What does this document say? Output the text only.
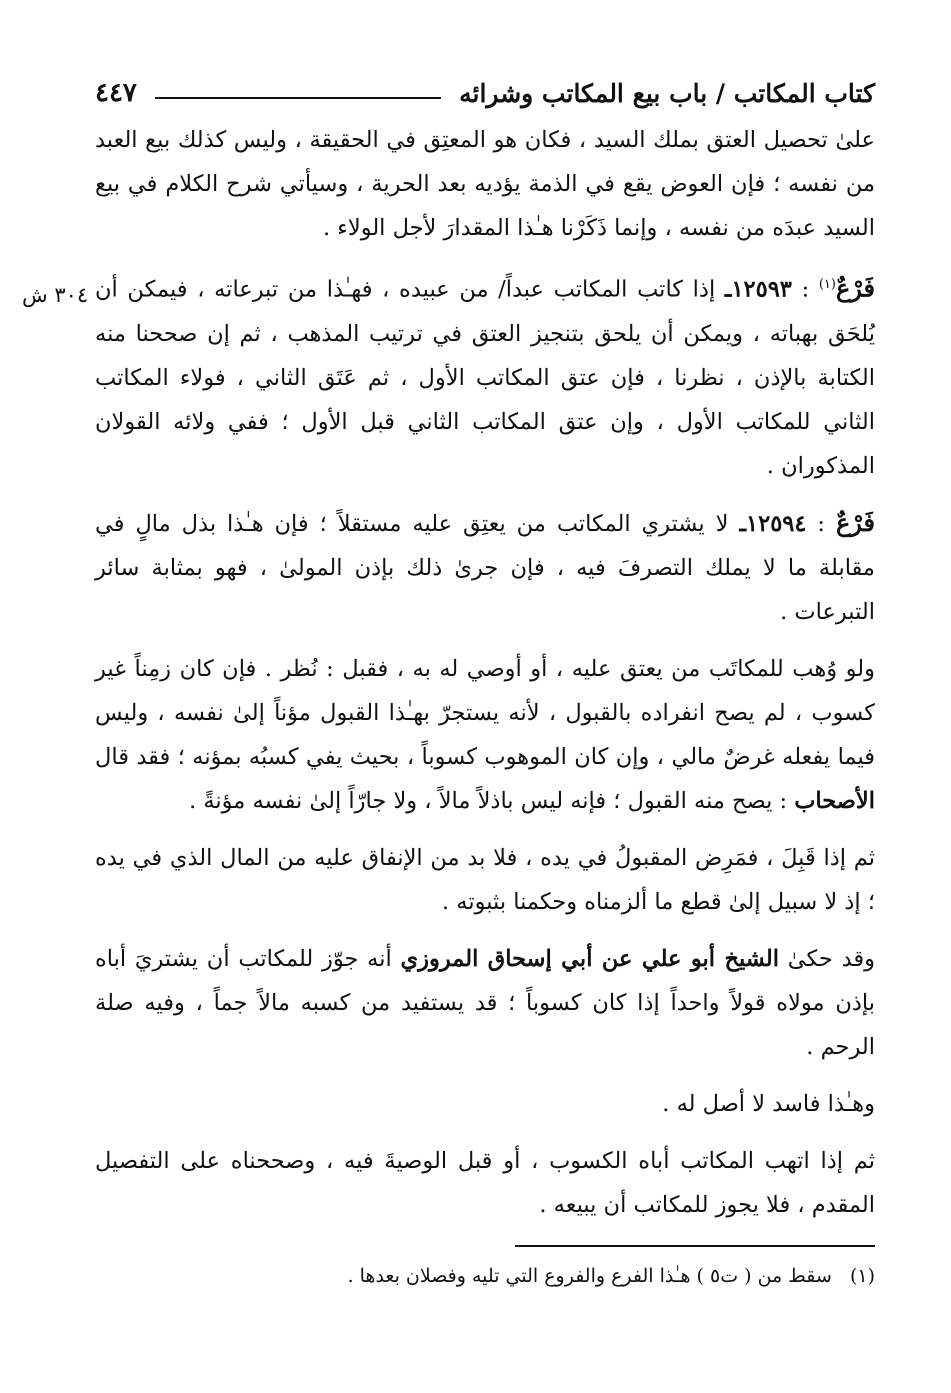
٣٠٤ ش
كتاب المكاتب / باب بيع المكاتب وشرائه
٤٤٧

علىٰ تحصيل العتق بملك السيد ، فكان هو المعتِق في الحقيقة ، وليس كذلك بيع العبد من نفسه ؛ فإن العوض يقع في الذمة يؤديه بعد الحرية ، وسيأتي شرح الكلام في بيع السيد عبدَه من نفسه ، وإنما ذَكَرْنا هـٰذا المقدارَ لأجل الولاء .

فَرْعٌ$^{(١)}$ : ١٢٥٩٣ـ إذا كاتب المكاتب عبداً/ من عبيده ، فهـٰذا من تبرعاته ، فيمكن أن يُلحَق بهباته ، ويمكن أن يلحق بتنجيز العتق في ترتيب المذهب ، ثم إن صححنا منه الكتابة بالإذن ، نظرنا ، فإن عتق المكاتب الأول ، ثم عَتَق الثاني ، فولاء المكاتب الثاني للمكاتب الأول ، وإن عتق المكاتب الثاني قبل الأول ؛ ففي ولائه القولان المذكوران .

فَرْعٌ : ١٢٥٩٤ـ لا يشتري المكاتب من يعتِق عليه مستقلاً ؛ فإن هـٰذا بذل مالٍ في مقابلة ما لا يملك التصرفَ فيه ، فإن جرىٰ ذلك بإذن المولىٰ ، فهو بمثابة سائر التبرعات .

ولو وُهب للمكاتَب من يعتق عليه ، أو أوصي له به ، فقبل : نُظر . فإن كان زمِناً غير كسوب ، لم يصح انفراده بالقبول ، لأنه يستجرّ بهـٰذا القبول مؤناً إلىٰ نفسه ، وليس فيما يفعله غرضٌ مالي ، وإن كان الموهوب كسوباً ، بحيث يفي كسبُه بمؤنه ؛ فقد قال الأصحاب : يصح منه القبول ؛ فإنه ليس باذلاً مالاً ، ولا جارّاً إلىٰ نفسه مؤنةً .

ثم إذا قَبِلَ ، فمَرِض المقبولُ في يده ، فلا بد من الإنفاق عليه من المال الذي في يده ؛ إذ لا سبيل إلىٰ قطع ما ألزمناه وحكمنا بثبوته .

وقد حكىٰ الشيخ أبو علي عن أبي إسحاق المروزي أنه جوّز للمكاتب أن يشتريَ أباه بإذن مولاه قولاً واحداً إذا كان كسوباً ؛ قد يستفيد من كسبه مالاً جماً ، وفيه صلة الرحم .

وهـٰذا فاسد لا أصل له .

ثم إذا اتهب المكاتب أباه الكسوب ، أو قبل الوصيةَ فيه ، وصححناه على التفصيل المقدم ، فلا يجوز للمكاتب أن يبيعه .

(١)   سقط من ( ت٥ ) هـٰذا الفرع والفروع التي تليه وفصلان بعدها .
